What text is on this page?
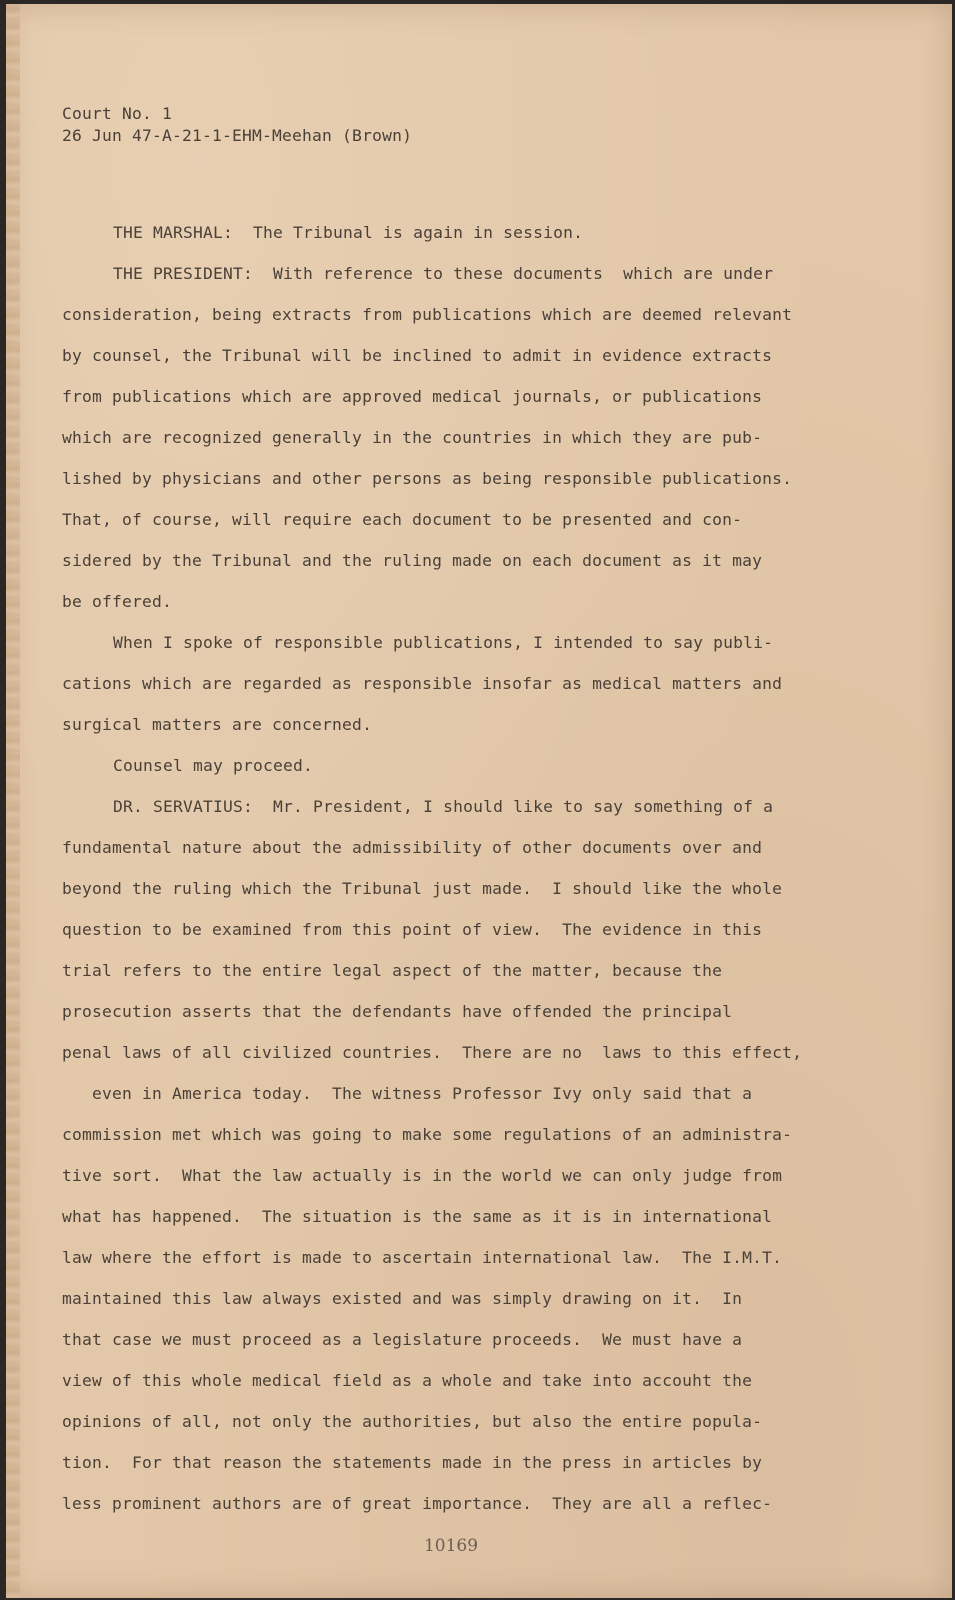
Court No. 1
26 Jun 47-A-21-1-EHM-Meehan (Brown)
THE MARSHAL:  The Tribunal is again in session.
THE PRESIDENT:  With reference to these documents  which are under
consideration, being extracts from publications which are deemed relevant
by counsel, the Tribunal will be inclined to admit in evidence extracts
from publications which are approved medical journals, or publications
which are recognized generally in the countries in which they are pub-
lished by physicians and other persons as being responsible publications.
That, of course, will require each document to be presented and con-
sidered by the Tribunal and the ruling made on each document as it may
be offered.
When I spoke of responsible publications, I intended to say publi-
cations which are regarded as responsible insofar as medical matters and
surgical matters are concerned.
Counsel may proceed.
DR. SERVATIUS:  Mr. President, I should like to say something of a
fundamental nature about the admissibility of other documents over and
beyond the ruling which the Tribunal just made.  I should like the whole
question to be examined from this point of view.  The evidence in this
trial refers to the entire legal aspect of the matter, because the
prosecution asserts that the defendants have offended the principal
penal laws of all civilized countries.  There are no  laws to this effect,
even in America today.  The witness Professor Ivy only said that a
commission met which was going to make some regulations of an administra-
tive sort.  What the law actually is in the world we can only judge from
what has happened.  The situation is the same as it is in international
law where the effort is made to ascertain international law.  The I.M.T.
maintained this law always existed and was simply drawing on it.  In
that case we must proceed as a legislature proceeds.  We must have a
view of this whole medical field as a whole and take into accouht the
opinions of all, not only the authorities, but also the entire popula-
tion.  For that reason the statements made in the press in articles by
less prominent authors are of great importance.  They are all a reflec-
10169
